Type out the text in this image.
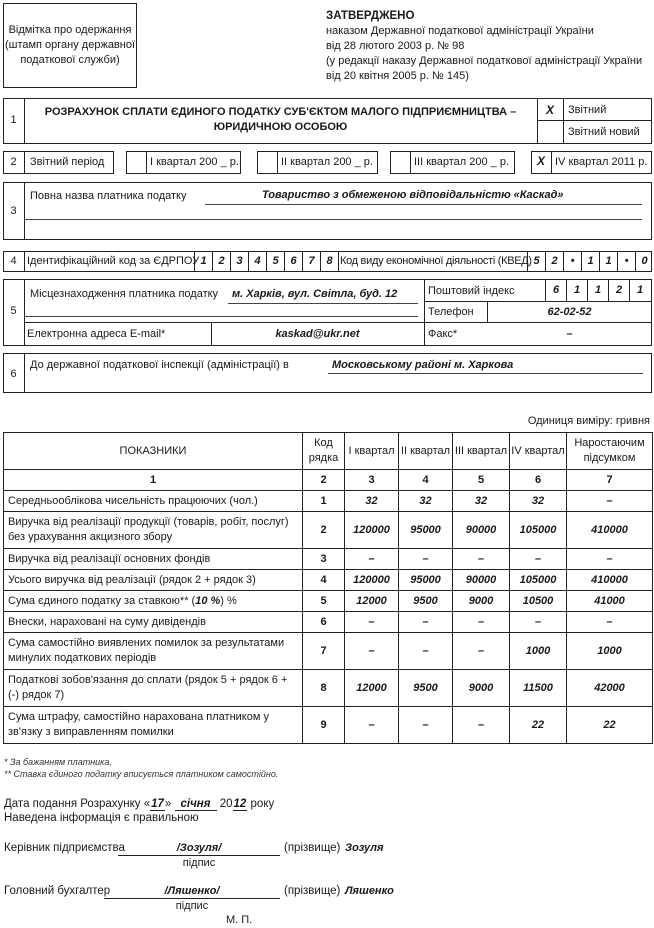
Відмітка про одержання
(штамп органу державної
податкової служби)
ЗАТВЕРДЖЕНО
наказом Державної податкової адміністрації України
від 28 лютого 2003 р. № 98
(у редакції наказу Державної податкової адміністрації України
від 20 квітня 2005 р. № 145)
1
РОЗРАХУНОК СПЛАТИ ЄДИНОГО ПОДАТКУ СУБ'ЄКТОМ МАЛОГО ПІДПРИЄМНИЦТВА –
ЮРИДИЧНОЮ ОСОБОЮ
X	Звітний
Звітний новий
2	Звітний період	І квартал 200 _ р.	ІІ квартал 200 _ р.	ІІІ квартал 200 _ р.	X IV квартал 2011 р.
3
Повна назва платника податку	Товариство з обмеженою відповідальністю «Каскад»
4 Ідентифікаційний код за ЄДРПОУ 1	2	3	4	5	6	7	8 Код виду економічної діяльності (КВЕД) 5	2	•	1	1	•	0
5
Місцезнаходження платника податку м. Харків, вул. Світла, буд. 12	Поштовий індекс	6	1	1	2	1
Телефон	62-02-52
Електронна адреса E-mail*	kaskad@ukr.net	Факс*	–
6
До державної податкової інспекції (адміністрації) в	Московському районі м. Харкова
Одиниця виміру: гривня
ПОКАЗНИКИ	Код рядка	І квартал	ІІ квартал	ІІІ квартал	IV квартал	Наростаючим підсумком
1	2	3	4	5	6	7
Середньооблікова чисельність працюючих (чол.)	1	32	32	32	32	–
Виручка від реалізації продукції (товарів, робіт, послуг) без урахування акцизного збору	2	120000	95000	90000	105000	410000
Виручка від реалізації основних фондів	3	–	–	–	–	–
Усього виручка від реалізації (рядок 2 + рядок 3)	4	120000	95000	90000	105000	410000
Сума єдиного податку за ставкою** (10 %) %	5	12000	9500	9000	10500	41000
Внески, нараховані на суму дивідендів	6	–	–	–	–	–
Сума самостійно виявлених помилок за результатами минулих податкових періодів	7	–	–	–	1000	1000
Податкові зобов'язання до сплати (рядок 5 + рядок 6 + (-) рядок 7)	8	12000	9500	9000	11500	42000
Сума штрафу, самостійно нарахована платником у зв'язку з виправленням помилки	9	–	–	–	22	22
* За бажанням платника.
** Ставка єдиного податку вписується платником самостійно.
Дата подання Розрахунку «17» січня 2012 року
Наведена інформація є правильною
Керівник підприємства	/Зозуля/
підпис
(прізвище) Зозуля
Головний бухгалтер	/Ляшенко/
підпис
(прізвище) Ляшенко
М. П.
